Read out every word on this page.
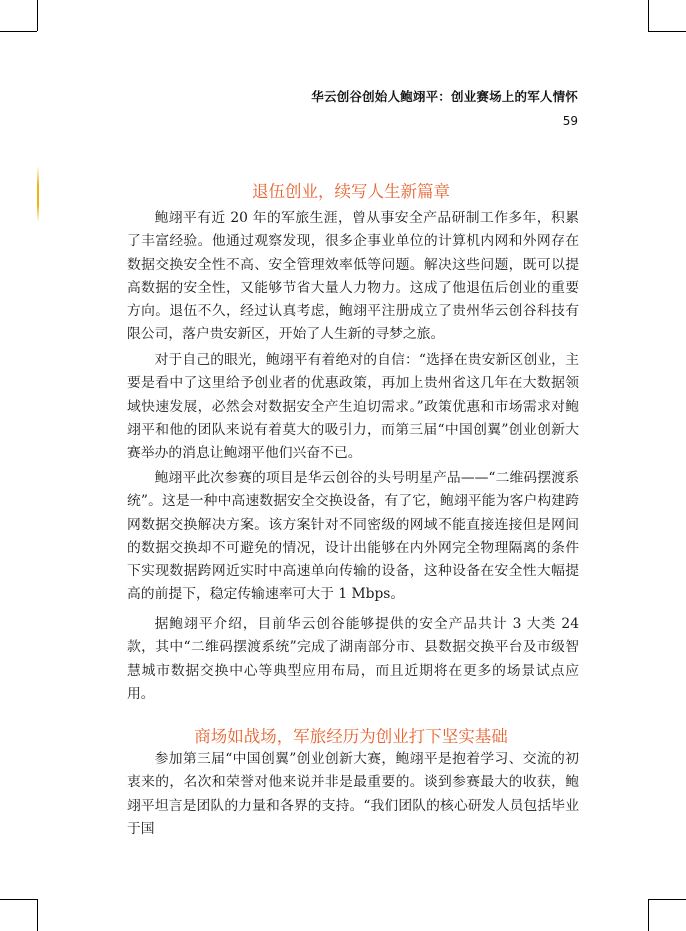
华云创谷创始人鲍翊平：创业赛场上的军人情怀
59
退伍创业，续写人生新篇章

鲍翊平有近 20 年的军旅生涯，曾从事安全产品研制工作多年，积累了丰富经验。他通过观察发现，很多企事业单位的计算机内网和外网存在数据交换安全性不高、安全管理效率低等问题。解决这些问题，既可以提高数据的安全性，又能够节省大量人力物力。这成了他退伍后创业的重要方向。退伍不久，经过认真考虑，鲍翊平注册成立了贵州华云创谷科技有限公司，落户贵安新区，开始了人生新的寻梦之旅。

对于自己的眼光，鲍翊平有着绝对的自信：“选择在贵安新区创业，主要是看中了这里给予创业者的优惠政策，再加上贵州省这几年在大数据领域快速发展，必然会对数据安全产生迫切需求。”政策优惠和市场需求对鲍翊平和他的团队来说有着莫大的吸引力，而第三届“中国创翼”创业创新大赛举办的消息让鲍翊平他们兴奋不已。

鲍翊平此次参赛的项目是华云创谷的头号明星产品——“二维码摆渡系统”。这是一种中高速数据安全交换设备，有了它，鲍翊平能为客户构建跨网数据交换解决方案。该方案针对不同密级的网域不能直接连接但是网间的数据交换却不可避免的情况，设计出能够在内外网完全物理隔离的条件下实现数据跨网近实时中高速单向传输的设备，这种设备在安全性大幅提高的前提下，稳定传输速率可大于 1 Mbps。

据鲍翊平介绍，目前华云创谷能够提供的安全产品共计 3 大类 24 款，其中“二维码摆渡系统”完成了湖南部分市、县数据交换平台及市级智慧城市数据交换中心等典型应用布局，而且近期将在更多的场景试点应用。

商场如战场，军旅经历为创业打下坚实基础

参加第三届“中国创翼”创业创新大赛，鲍翊平是抱着学习、交流的初衷来的，名次和荣誉对他来说并非是最重要的。谈到参赛最大的收获，鲍翊平坦言是团队的力量和各界的支持。“我们团队的核心研发人员包括毕业于国
